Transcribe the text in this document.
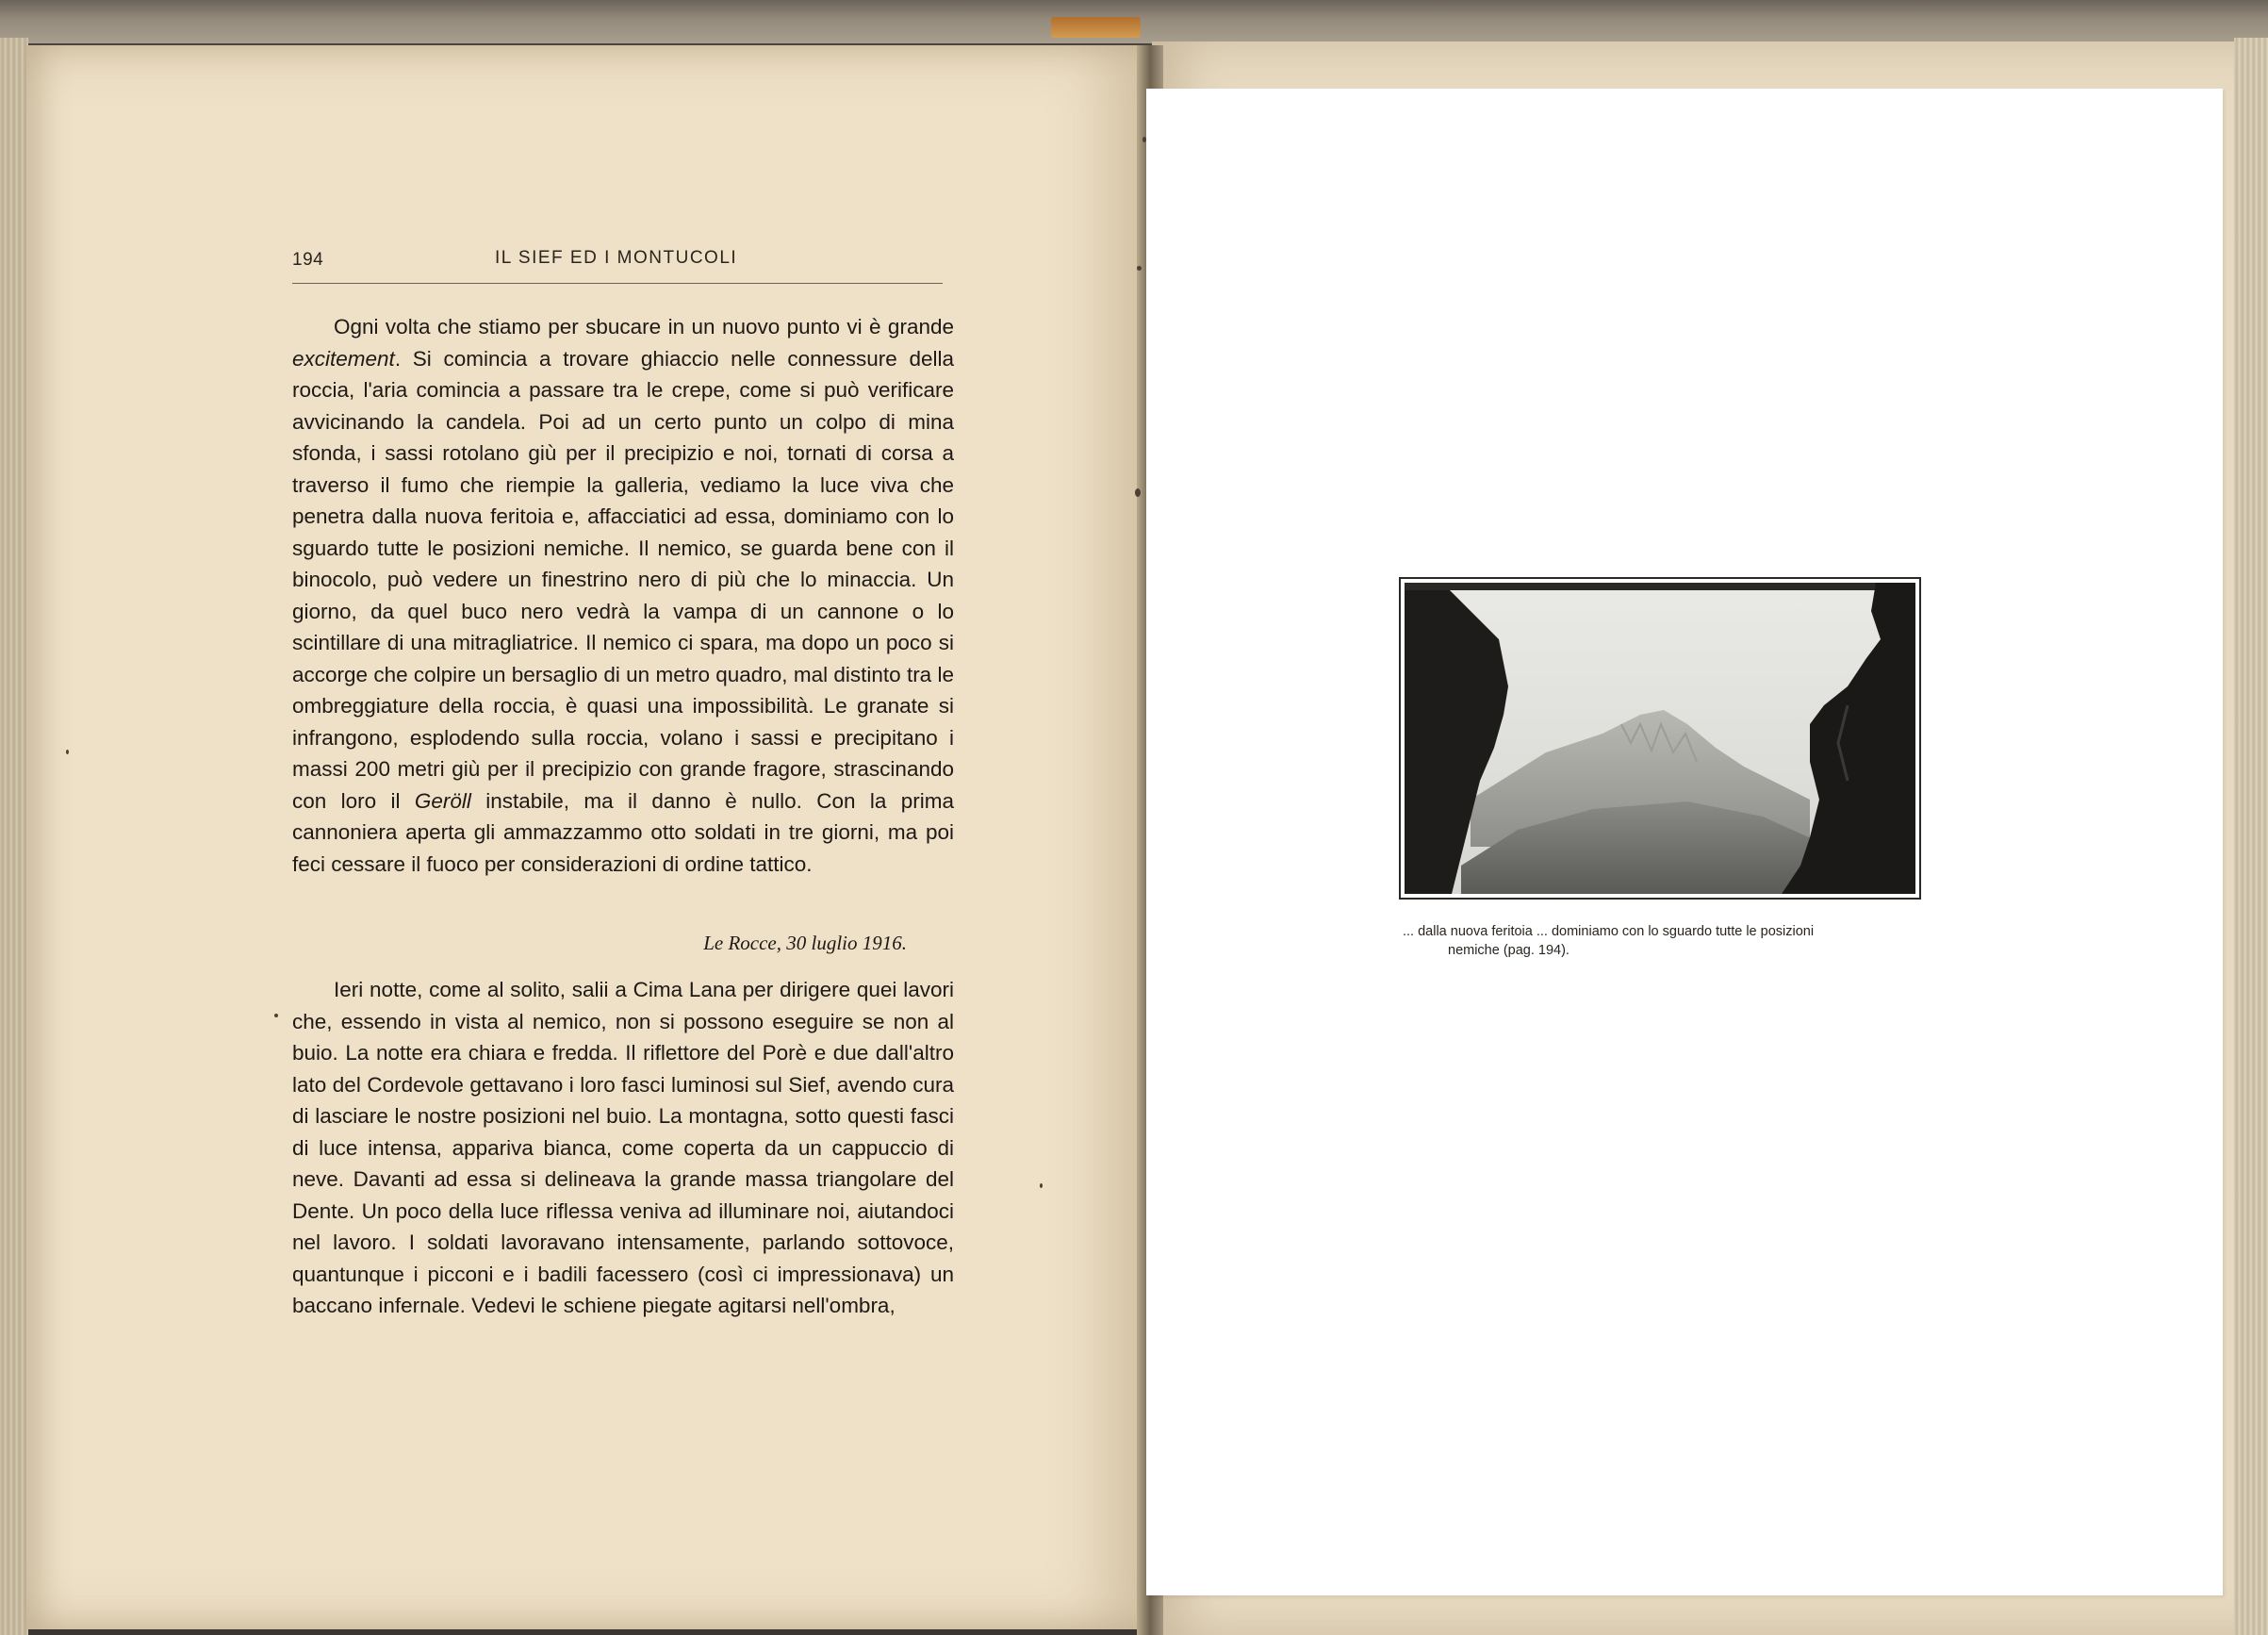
194	IL SIEF ED I MONTUCOLI

Ogni volta che stiamo per sbucare in un nuovo punto vi è grande excitement. Si comincia a trovare ghiaccio nelle connessure della roccia, l'aria comincia a passare tra le crepe, come si può verificare avvicinando la candela. Poi ad un certo punto un colpo di mina sfonda, i sassi rotolano giù per il precipizio e noi, tornati di corsa a traverso il fumo che riempie la galleria, vediamo la luce viva che penetra dalla nuova feritoia e, affacciatici ad essa, dominiamo con lo sguardo tutte le posizioni nemiche. Il nemico, se guarda bene con il binocolo, può vedere un finestrino nero di più che lo minaccia. Un giorno, da quel buco nero vedrà la vampa di un cannone o lo scintillare di una mitragliatrice. Il nemico ci spara, ma dopo un poco si accorge che colpire un bersaglio di un metro quadro, mal distinto tra le ombreggiature della roccia, è quasi una impossibilità. Le granate si infrangono, esplodendo sulla roccia, volano i sassi e precipitano i massi 200 metri giù per il precipizio con grande fragore, strascinando con loro il Geröll instabile, ma il danno è nullo. Con la prima cannoniera aperta gli ammazzammo otto soldati in tre giorni, ma poi feci cessare il fuoco per considerazioni di ordine tattico.

Le Rocce, 30 luglio 1916.

Ieri notte, come al solito, salii a Cima Lana per dirigere quei lavori che, essendo in vista al nemico, non si possono eseguire se non al buio. La notte era chiara e fredda. Il riflettore del Porè e due dall'altro lato del Cordevole gettavano i loro fasci luminosi sul Sief, avendo cura di lasciare le nostre posizioni nel buio. La montagna, sotto questi fasci di luce intensa, appariva bianca, come coperta da un cappuccio di neve. Davanti ad essa si delineava la grande massa triangolare del Dente. Un poco della luce riflessa veniva ad illuminare noi, aiutandoci nel lavoro. I soldati lavoravano intensamente, parlando sottovoce, quantunque i picconi e i badili facessero (così ci impressionava) un baccano infernale. Vedevi le schiene piegate agitarsi nell'ombra,

... dalla nuova feritoia ... dominiamo con lo sguardo tutte le posizioni
nemiche (pag. 194).
